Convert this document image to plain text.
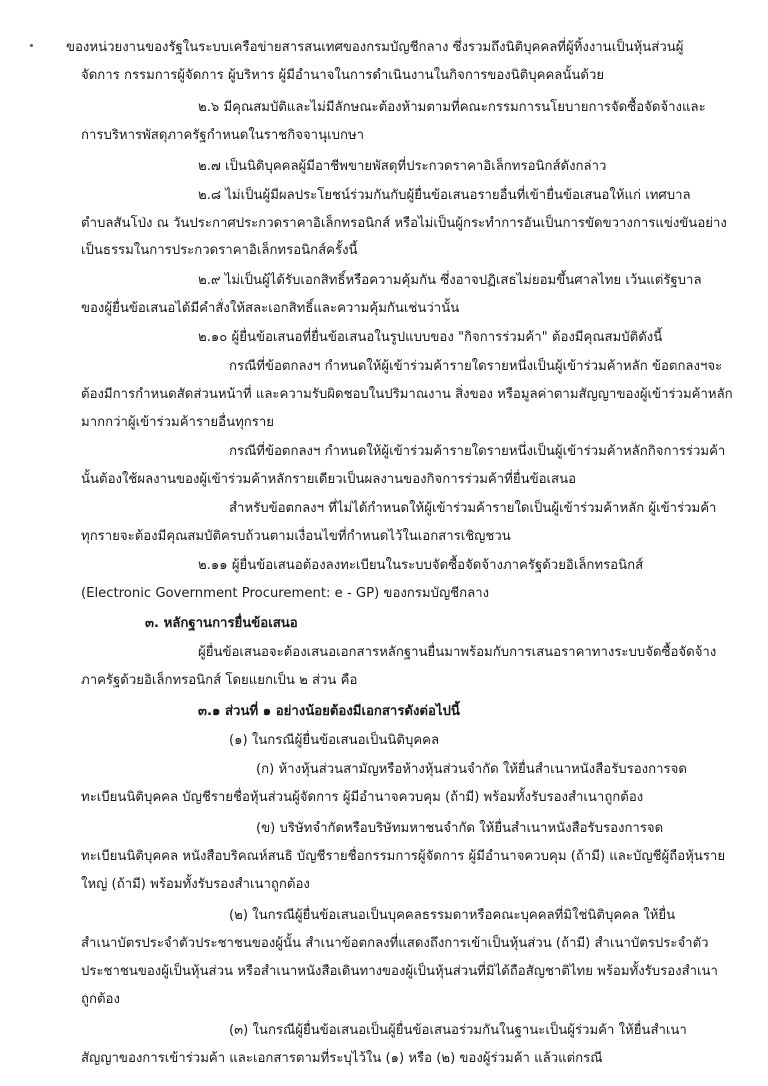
ของหน่วยงานของรัฐในระบบเครือข่ายสารสนเทศของกรมบัญชีกลาง ซึ่งรวมถึงนิติบุคคลที่ผู้ทิ้งงานเป็นหุ้นส่วนผู้
จัดการ กรรมการผู้จัดการ ผู้บริหาร ผู้มีอำนาจในการดำเนินงานในกิจการของนิติบุคคลนั้นด้วย
๒.๖ มีคุณสมบัติและไม่มีลักษณะต้องห้ามตามที่คณะกรรมการนโยบายการจัดซื้อจัดจ้างและ
การบริหารพัสดุภาครัฐกำหนดในราชกิจจานุเบกษา
๒.๗ เป็นนิติบุคคลผู้มีอาชีพขายพัสดุที่ประกวดราคาอิเล็กทรอนิกส์ดังกล่าว
๒.๘ ไม่เป็นผู้มีผลประโยชน์ร่วมกันกับผู้ยื่นข้อเสนอรายอื่นที่เข้ายื่นข้อเสนอให้แก่ เทศบาล
ตำบลสันโป่ง ณ วันประกาศประกวดราคาอิเล็กทรอนิกส์ หรือไม่เป็นผู้กระทำการอันเป็นการขัดขวางการแข่งขันอย่าง
เป็นธรรมในการประกวดราคาอิเล็กทรอนิกส์ครั้งนี้
๒.๙ ไม่เป็นผู้ได้รับเอกสิทธิ์หรือความคุ้มกัน ซึ่งอาจปฏิเสธไม่ยอมขึ้นศาลไทย เว้นแต่รัฐบาล
ของผู้ยื่นข้อเสนอได้มีคำสั่งให้สละเอกสิทธิ์และความคุ้มกันเช่นว่านั้น
๒.๑๐ ผู้ยื่นข้อเสนอที่ยื่นข้อเสนอในรูปแบบของ "กิจการร่วมค้า" ต้องมีคุณสมบัติดังนี้
กรณีที่ข้อตกลงฯ กำหนดให้ผู้เข้าร่วมค้ารายใดรายหนึ่งเป็นผู้เข้าร่วมค้าหลัก ข้อตกลงฯจะ
ต้องมีการกำหนดสัดส่วนหน้าที่ และความรับผิดชอบในปริมาณงาน สิ่งของ หรือมูลค่าตามสัญญาของผู้เข้าร่วมค้าหลัก
มากกว่าผู้เข้าร่วมค้ารายอื่นทุกราย
กรณีที่ข้อตกลงฯ กำหนดให้ผู้เข้าร่วมค้ารายใดรายหนึ่งเป็นผู้เข้าร่วมค้าหลักกิจการร่วมค้า
นั้นต้องใช้ผลงานของผู้เข้าร่วมค้าหลักรายเดียวเป็นผลงานของกิจการร่วมค้าที่ยื่นข้อเสนอ
สำหรับข้อตกลงฯ ที่ไม่ได้กำหนดให้ผู้เข้าร่วมค้ารายใดเป็นผู้เข้าร่วมค้าหลัก ผู้เข้าร่วมค้า
ทุกรายจะต้องมีคุณสมบัติครบถ้วนตามเงื่อนไขที่กำหนดไว้ในเอกสารเชิญชวน
๒.๑๑ ผู้ยื่นข้อเสนอต้องลงทะเบียนในระบบจัดซื้อจัดจ้างภาครัฐด้วยอิเล็กทรอนิกส์
(Electronic Government Procurement: e - GP) ของกรมบัญชีกลาง
๓. หลักฐานการยื่นข้อเสนอ
ผู้ยื่นข้อเสนอจะต้องเสนอเอกสารหลักฐานยื่นมาพร้อมกับการเสนอราคาทางระบบจัดซื้อจัดจ้าง
ภาครัฐด้วยอิเล็กทรอนิกส์ โดยแยกเป็น ๒ ส่วน คือ
๓.๑ ส่วนที่ ๑ อย่างน้อยต้องมีเอกสารดังต่อไปนี้
(๑) ในกรณีผู้ยื่นข้อเสนอเป็นนิติบุคคล
(ก) ห้างหุ้นส่วนสามัญหรือห้างหุ้นส่วนจำกัด ให้ยื่นสำเนาหนังสือรับรองการจด
ทะเบียนนิติบุคคล บัญชีรายชื่อหุ้นส่วนผู้จัดการ ผู้มีอำนาจควบคุม (ถ้ามี) พร้อมทั้งรับรองสำเนาถูกต้อง
(ข) บริษัทจำกัดหรือบริษัทมหาชนจำกัด ให้ยื่นสำเนาหนังสือรับรองการจด
ทะเบียนนิติบุคคล หนังสือบริคณห์สนธิ บัญชีรายชื่อกรรมการผู้จัดการ ผู้มีอำนาจควบคุม (ถ้ามี) และบัญชีผู้ถือหุ้นราย
ใหญ่ (ถ้ามี) พร้อมทั้งรับรองสำเนาถูกต้อง
(๒) ในกรณีผู้ยื่นข้อเสนอเป็นบุคคลธรรมดาหรือคณะบุคคลที่มิใช่นิติบุคคล ให้ยื่น
สำเนาบัตรประจำตัวประชาชนของผู้นั้น สำเนาข้อตกลงที่แสดงถึงการเข้าเป็นหุ้นส่วน (ถ้ามี) สำเนาบัตรประจำตัว
ประชาชนของผู้เป็นหุ้นส่วน หรือสำเนาหนังสือเดินทางของผู้เป็นหุ้นส่วนที่มิได้ถือสัญชาติไทย พร้อมทั้งรับรองสำเนา
ถูกต้อง
(๓) ในกรณีผู้ยื่นข้อเสนอเป็นผู้ยื่นข้อเสนอร่วมกันในฐานะเป็นผู้ร่วมค้า ให้ยื่นสำเนา
สัญญาของการเข้าร่วมค้า และเอกสารตามที่ระบุไว้ใน (๑) หรือ (๒) ของผู้ร่วมค้า แล้วแต่กรณี
